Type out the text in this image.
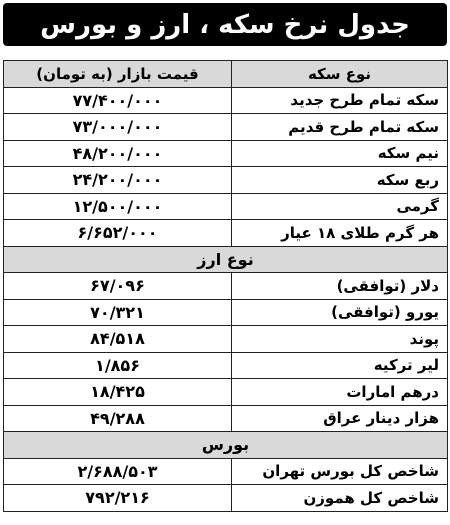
جدول نرخ سکه ، ارز و بورس
نوع سکه	قیمت بازار (به تومان)
سکه تمام طرح جدید	۷۷/۴۰۰/۰۰۰
سکه تمام طرح قدیم	۷۳/۰۰۰/۰۰۰
نیم سکه	۴۸/۲۰۰/۰۰۰
ربع سکه	۲۴/۲۰۰/۰۰۰
گرمی	۱۲/۵۰۰/۰۰۰
هر گرم طلای ۱۸ عیار	۶/۶۵۲/۰۰۰
نوع ارز	
دلار (توافقی)	۶۷/۰۹۶
یورو (توافقی)	۷۰/۳۲۱
پوند	۸۴/۵۱۸
لیر ترکیه	۱/۸۵۶
درهم امارات	۱۸/۴۲۵
هزار دینار عراق	۴۹/۲۸۸
بورس	
شاخص کل بورس تهران	۲/۶۸۸/۵۰۳
شاخص کل هموزن	۷۹۲/۲۱۶
